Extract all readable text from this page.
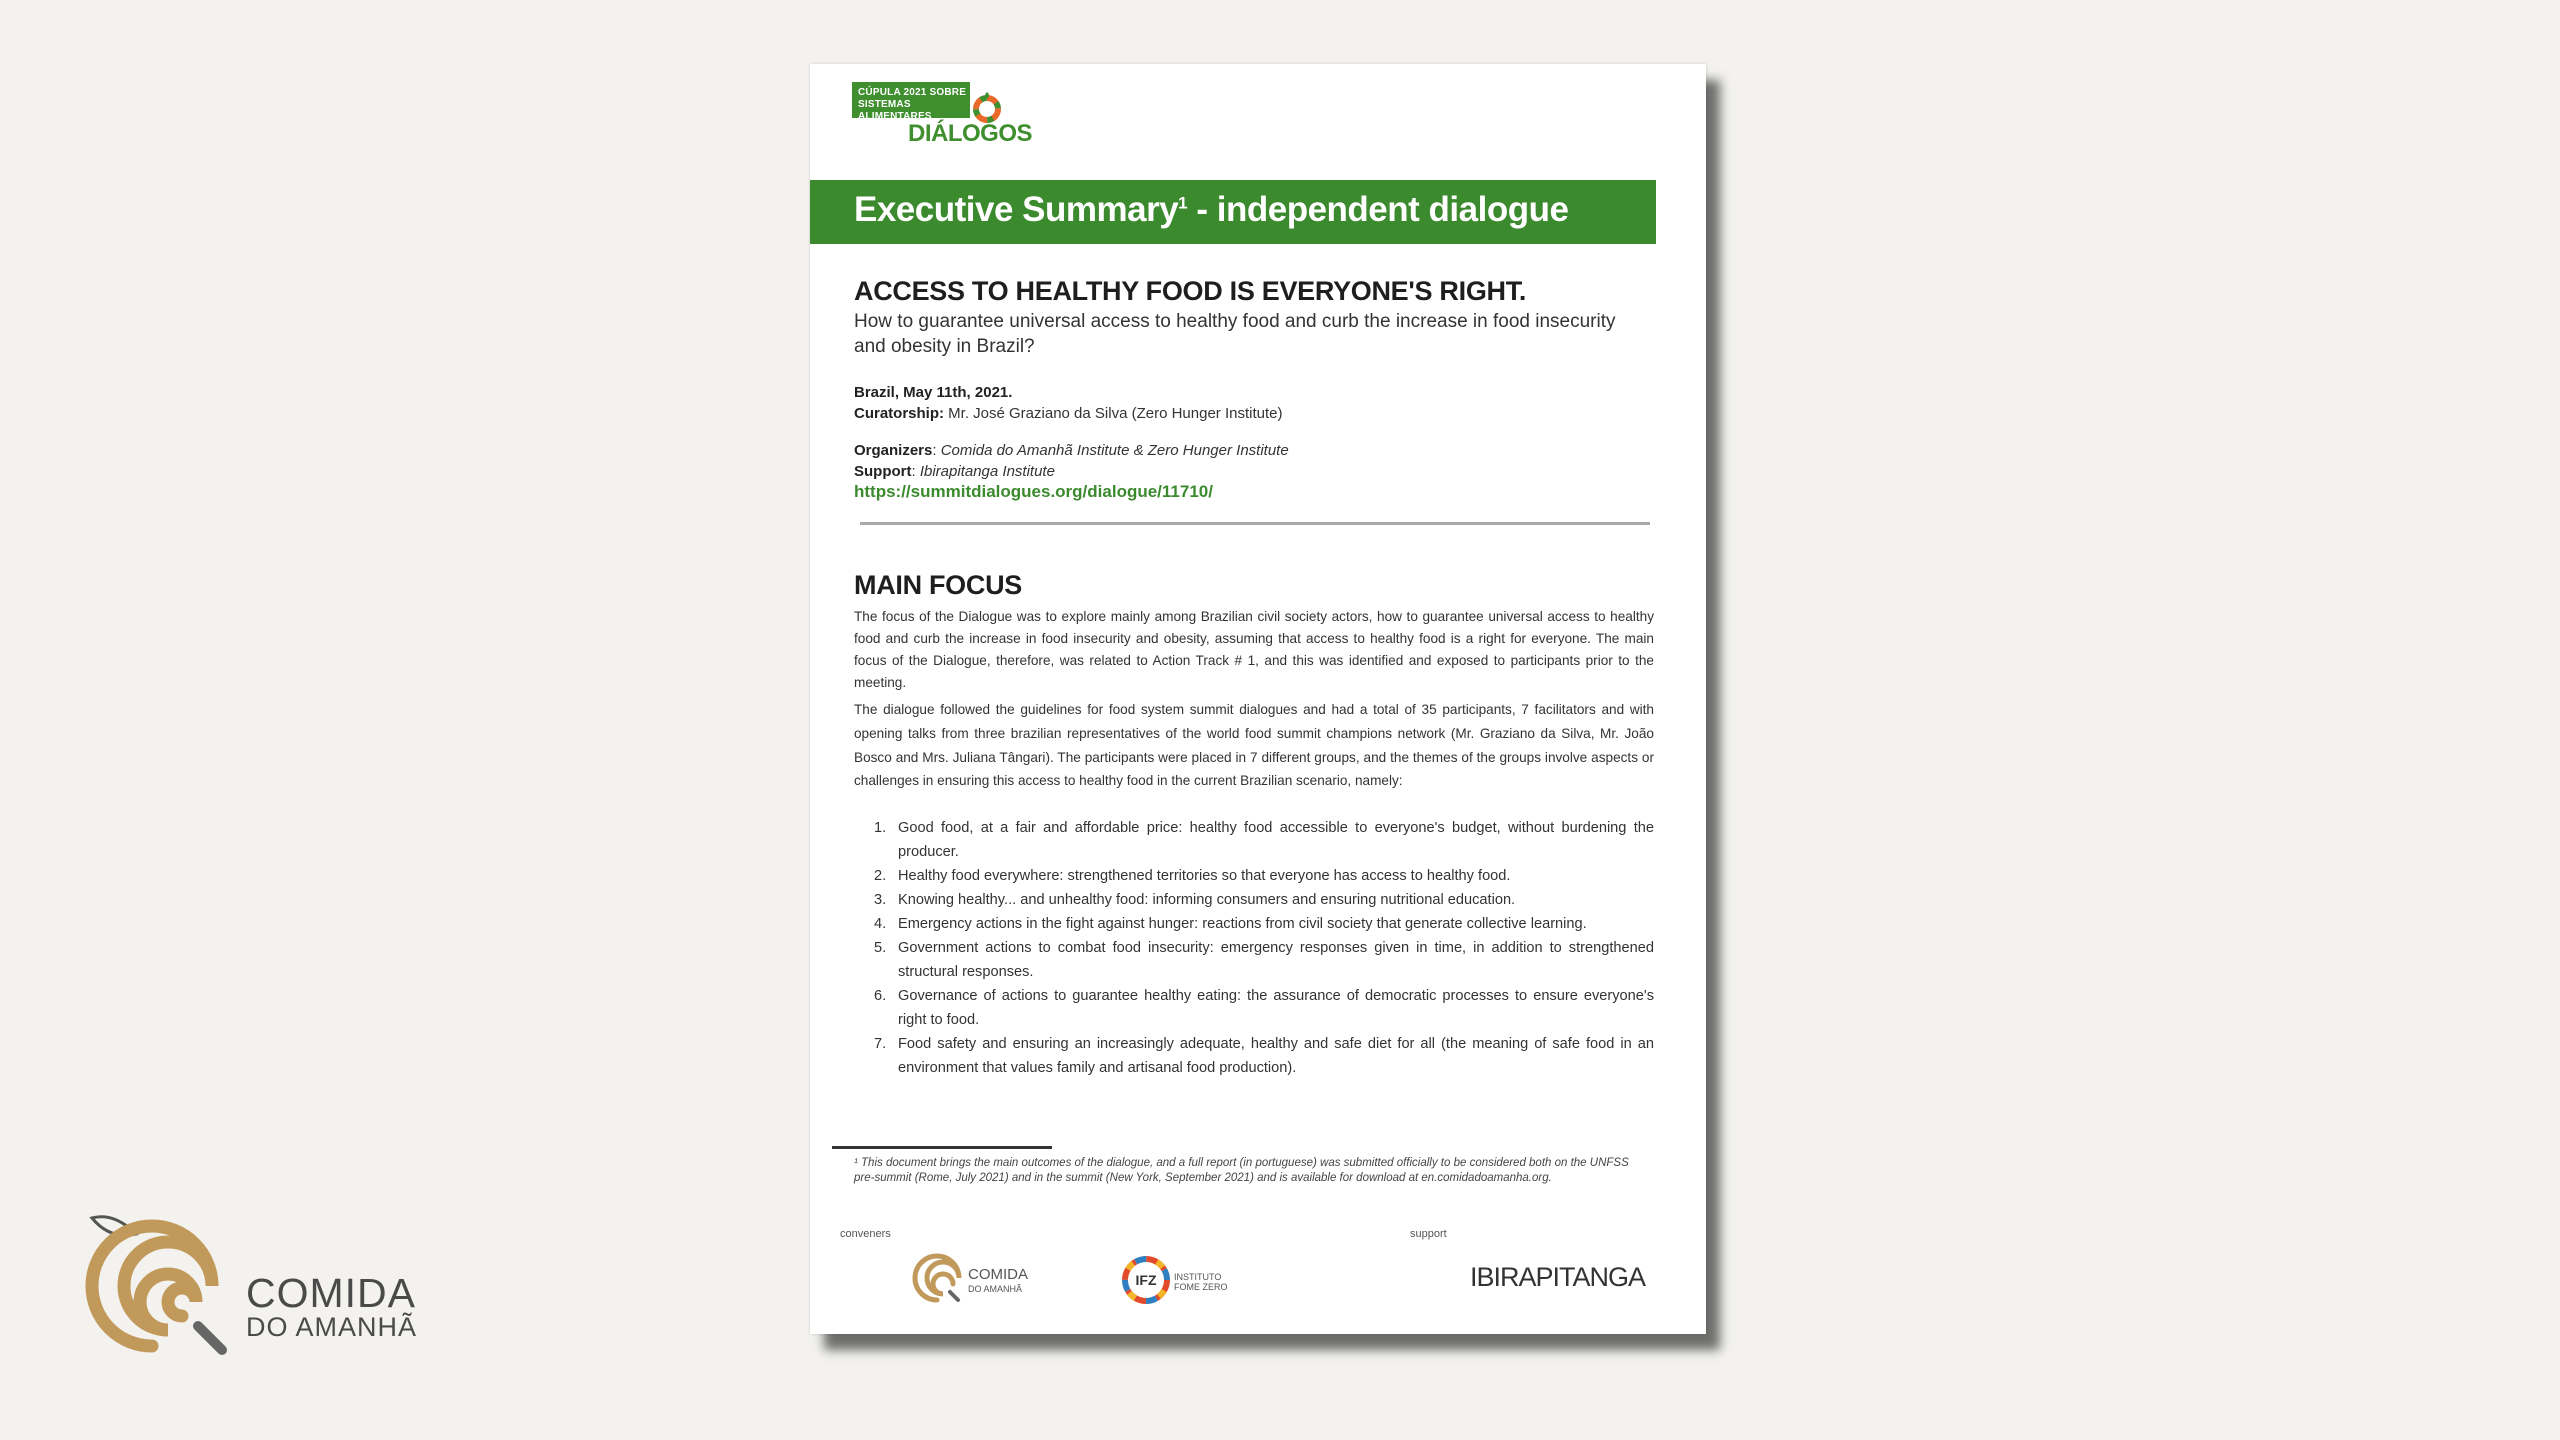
CÚPULA 2021 SOBRE
SISTEMAS ALIMENTARES
DIÁLOGOS
Executive Summary$^1$ - independent dialogue
ACCESS TO HEALTHY FOOD IS EVERYONE'S RIGHT.
How to guarantee universal access to healthy food and curb the increase in food insecurity and obesity in Brazil?
Brazil, May 11th, 2021.
Curatorship: Mr. José Graziano da Silva (Zero Hunger Institute)
Organizers: Comida do Amanhã Institute & Zero Hunger Institute
Support: Ibirapitanga Institute
https://summitdialogues.org/dialogue/11710/
MAIN FOCUS
The focus of the Dialogue was to explore mainly among Brazilian civil society actors, how to guarantee universal access to healthy food and curb the increase in food insecurity and obesity, assuming that access to healthy food is a right for everyone. The main focus of the Dialogue, therefore, was related to Action Track # 1, and this was identified and exposed to participants prior to the meeting.
The dialogue followed the guidelines for food system summit dialogues and had a total of 35 participants, 7 facilitators and with opening talks from three brazilian representatives of the world food summit champions network (Mr. Graziano da Silva, Mr. João Bosco and Mrs. Juliana Tângari). The participants were placed in 7 different groups, and the themes of the groups involve aspects or challenges in ensuring this access to healthy food in the current Brazilian scenario, namely:
1. Good food, at a fair and affordable price: healthy food accessible to everyone's budget, without burdening the producer.
2. Healthy food everywhere: strengthened territories so that everyone has access to healthy food.
3. Knowing healthy... and unhealthy food: informing consumers and ensuring nutritional education.
4. Emergency actions in the fight against hunger: reactions from civil society that generate collective learning.
5. Government actions to combat food insecurity: emergency responses given in time, in addition to strengthened structural responses.
6. Governance of actions to guarantee healthy eating: the assurance of democratic processes to ensure everyone's right to food.
7. Food safety and ensuring an increasingly adequate, healthy and safe diet for all (the meaning of safe food in an environment that values family and artisanal food production).
¹ This document brings the main outcomes of the dialogue, and a full report (in portuguese) was submitted officially to be considered both on the UNFSS pre-summit (Rome, July 2021) and in the summit (New York, September 2021) and is available for download at en.comidadoamanha.org.
conveners	support
COMIDA
DO AMANHÃ
IFZ INSTITUTO
FOME ZERO	IBIRAPITANGA
COMIDA
DO AMANHÃ
